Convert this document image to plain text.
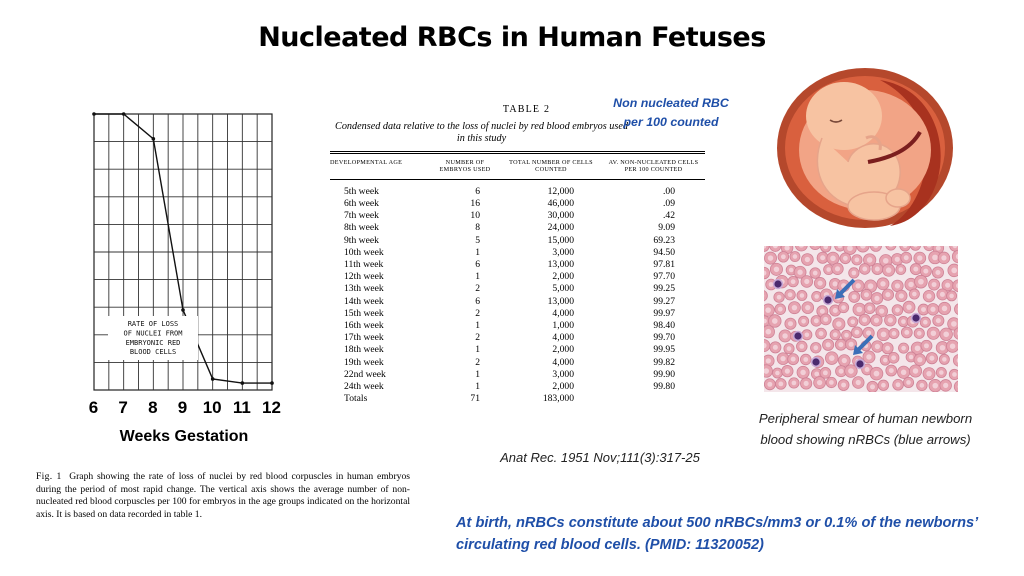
Nucleated RBCs in Human Fetuses
RATE OF LOSS
OF NUCLEI FROM
EMBRYONIC RED
BLOOD CELLS
6 7 8 9 10 11 12
Weeks Gestation
Fig. 1 Graph showing the rate of loss of nuclei by red blood corpuscles in human embryos during the period of most rapid change. The vertical axis shows the average number of non-nucleated red blood corpuscles per 100 for embryos in the age groups indicated on the horizontal axis. It is based on data recorded in table 1.
TABLE 2
Condensed data relative to the loss of nuclei by red blood embryos used in this study
DEVELOPMENTAL AGE	NUMBER OF EMBRYOS USED	TOTAL NUMBER OF CELLS COUNTED	AV. NON-NUCLEATED CELLS PER 100 COUNTED
5th week	6	12,000	.00
6th week	16	46,000	.09
7th week	10	30,000	.42
8th week	8	24,000	9.09
9th week	5	15,000	69.23
10th week	1	3,000	94.50
11th week	6	13,000	97.81
12th week	1	2,000	97.70
13th week	2	5,000	99.25
14th week	6	13,000	99.27
15th week	2	4,000	99.97
16th week	1	1,000	98.40
17th week	2	4,000	99.70
18th week	1	2,000	99.95
19th week	2	4,000	99.82
22nd week	1	3,000	99.90
24th week	1	2,000	99.80
Totals	71	183,000	
Non nucleated RBC per 100 counted
Anat Rec. 1951 Nov;111(3):317-25
Peripheral smear of human newborn blood showing nRBCs (blue arrows)
At birth, nRBCs constitute about 500 nRBCs/mm3 or 0.1% of the newborns’ circulating red blood cells. (PMID: 11320052)
